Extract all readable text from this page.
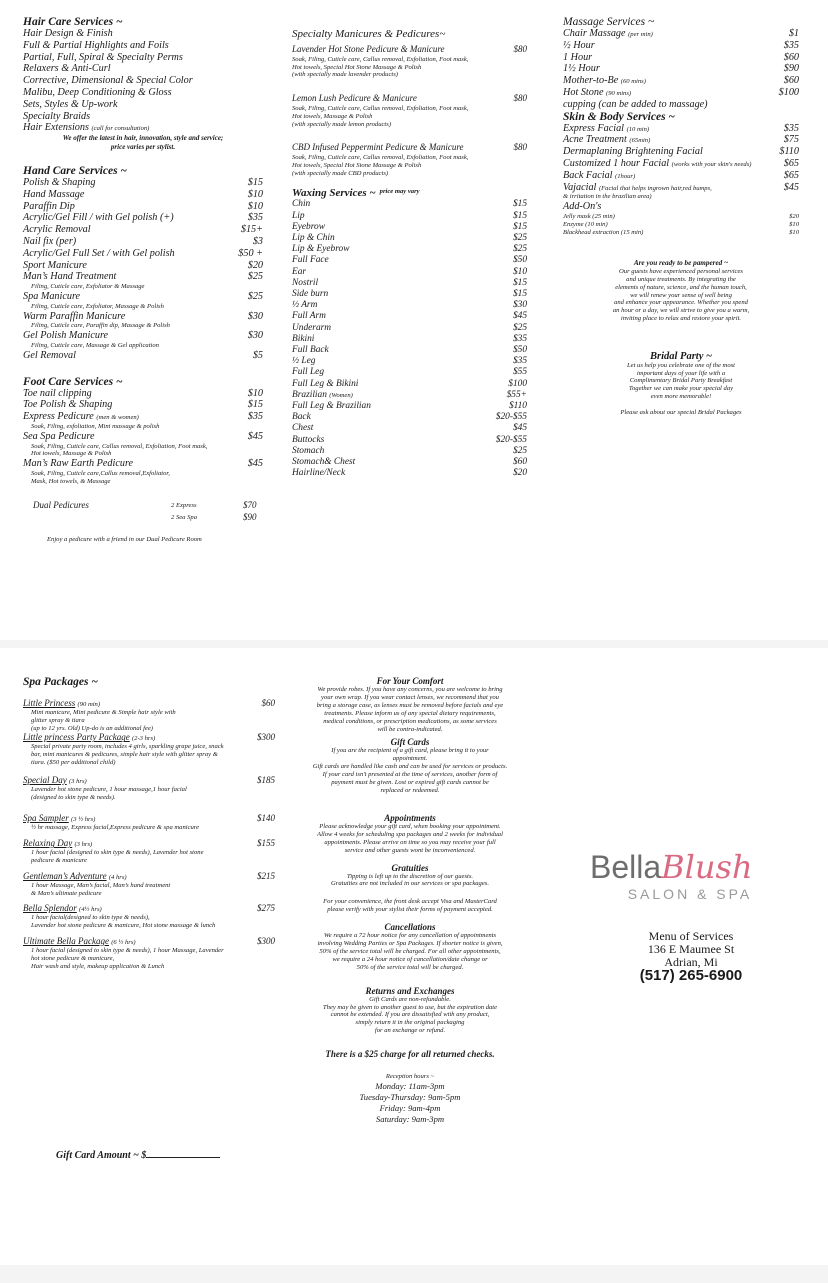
Hair Care Services ~
Hair Design & Finish
Full & Partial Highlights and Foils
Partial, Full, Spiral & Specialty Perms
Relaxers & Anti-Curl
Corrective, Dimensional & Special Color
Malibu, Deep Conditioning & Gloss
Sets, Styles & Up-work
Specialty Braids
Hair Extensions (call for consultation)
We offer the latest in hair, innovation, style and service;
price varies per stylist.
Hand Care Services ~
Polish & Shaping	$15
Hand Massage	$10
Paraffin Dip	$10
Acrylic/Gel Fill / with Gel polish (+)	$35
Acrylic Removal	$15+
Nail fix (per)	$3
Acrylic/Gel Full Set / with Gel polish	$50 +
Sport Manicure	$20
Man’s Hand Treatment	$25
Filing, Cuticle care, Exfoliator & Massage
Spa Manicure	$25
Filing, Cuticle care, Exfoliator, Massage & Polish
Warm Paraffin Manicure	$30
Filing, Cuticle care, Paraffin dip, Massage & Polish
Gel Polish Manicure	$30
Filing, Cuticle care, Massage & Gel application
Gel Removal	$5
Foot Care Services ~
Toe nail clipping	$10
Toe Polish & Shaping	$15
Express Pedicure (men & women)	$35
Soak, Filing, exfoliation, Mini massage & polish
Sea Spa Pedicure	$45
Soak, Filing, Cuticle care, Callus removal, Exfoliation, Foot mask,
Hot towels, Massage & Polish
Man’s Raw Earth Pedicure	$45
Soak, Filing, Cuticle care,Callus removal,Exfoliator,
Mask, Hot towels, & Massage
Dual Pedicures	2 Express	$70
2 Sea Spa	$90
Enjoy a pedicure with a friend in our Dual Pedicure Room
Specialty Manicures & Pedicures~
Lavender Hot Stone Pedicure & Manicure	$80
Soak, Filing, Cuticle care, Callus removal, Exfoliation, Foot mask,
Hot towels, Special Hot Stone Massage & Polish
(with specially made lavender products)
Lemon Lush Pedicure & Manicure	$80
Soak, Filing, Cuticle care, Callus removal, Exfoliation, Foot mask,
Hot towels, Massage & Polish
(with specially made lemon products)
CBD Infused Peppermint Pedicure & Manicure	$80
Soak, Filing, Cuticle care, Callus removal, Exfoliation, Foot mask,
Hot towels, Special Hot Stone Massage & Polish
(with specially made CBD products)
Waxing Services ~ price may vary
Chin	$15
Lip	$15
Eyebrow	$15
Lip & Chin	$25
Lip & Eyebrow	$25
Full Face	$50
Ear	$10
Nostril	$15
Side burn	$15
½ Arm	$30
Full Arm	$45
Underarm	$25
Bikini	$35
Full Back	$50
½ Leg	$35
Full Leg	$55
Full Leg & Bikini	$100
Brazilian (Women)	$55+
Full Leg & Brazilian	$110
Back	$20-$55
Chest	$45
Buttocks	$20-$55
Stomach	$25
Stomach& Chest	$60
Hairline/Neck	$20
Massage Services ~
Chair Massage (per min)	$1
½ Hour	$35
1 Hour	$60
1½ Hour	$90
Mother-to-Be (60 mins)	$60
Hot Stone (90 mins)	$100
cupping (can be added to massage)
Skin & Body Services ~
Express Facial (10 min)	$35
Acne Treatment (65min)	$75
Dermaplaning Brightening Facial	$110
Customized 1 hour Facial (works with your skin's needs)	$65
Back Facial (1hour)	$65
Vajacial (Facial that helps ingrown hair,red bumps,	$45
& irritation in the brazilian area)
Add-On's
Jelly mask (25 min)	$20
Enzyme (10 min)	$10
Blackhead extraction (15 min)	$10
Are you ready to be pampered ~
Our guests have experienced personal services
and unique treatments. By integrating the
elements of nature, science, and the human touch,
we will renew your sense of well being
and enhance your appearance. Whether you spend
an hour or a day, we will strive to give you a warm,
inviting place to relax and restore your spirit.
Bridal Party ~
Let us help you celebrate one of the most
important days of your life with a
Complimentary Bridal Party Breakfast
Together we can make your special day
even more memorable!
Please ask about our special Bridal Packages
Spa Packages ~
Little Princess (90 min)	$60
Mini manicure, Mini pedicure & Simple hair style with
glitter spray & tiara
(up to 12 yrs. Old) Up-do is an additional fee)
Little princess Party Package (2-3 hrs)	$300
Special private party room, includes 4 girls, sparkling grape juice, snack
bar, mini manicures & pedicures, simple hair style with glitter spray &
tiara. ($50 per additional child)
Special Day (3 hrs)	$185
Lavender hot stone pedicure, 1 hour massage,1 hour facial
(designed to skin type & needs).
Spa Sampler (3 ½ hrs)	$140
½ hr massage, Express facial,Express pedicure & spa manicure
Relaxing Day (3 hrs)	$155
1 hour facial (designed to skin type & needs), Lavender hot stone
pedicure & manicure
Gentleman’s Adventure (4 hrs)	$215
1 hour Massage, Man’s facial, Man’s hand treatment
& Man’s ultimate pedicure
Bella Splendor (4½ hrs)	$275
1 hour facial(designed to skin type & needs),
Lavender hot stone pedicure & manicure, Hot stone massage & lunch
Ultimate Bella Package (6 ½ hrs)	$300
1 hour facial (designed to skin type & needs), 1 hour Massage, Lavender
hot stone pedicure & manicure,
Hair wash and style, makeup application & Lunch
Gift Card Amount ~ $
For Your Comfort
We provide robes. If you have any concerns, you are welcome to bring
your own wrap. If you wear contact lenses, we recommend that you
bring a storage case, as lenses must be removed before facials and eye
treatments. Please inform us of any special dietary requirements,
medical conditions, or prescription medications, as some services
will be contra-indicated.
Gift Cards
If you are the recipient of a gift card, please bring it to your
appointment.
Gift cards are handled like cash and can be used for services or products.
If your card isn't presented at the time of services, another form of
payment must be given. Lost or expired gift cards cannot be
replaced or redeemed.
Appointments
Please acknowledge your gift card, when booking your appointment.
Allow 4 weeks for scheduling spa packages and 2 weeks for individual
appointments. Please arrive on time so you may receive your full
service and other guests wont be inconvenienced.
Gratuities
Tipping is left up to the discretion of our guests.
Gratuities are not included in our services or spa packages.
For your convenience, the front desk accept Visa and MasterCard
please verify with your stylist their forms of payment accepted.
Cancellations
We require a 72 hour notice for any cancellation of appointments
involving Wedding Parties or Spa Packages. If shorter notice is given,
50% of the service total will be charged. For all other appointments,
we require a 24 hour notice of cancellation/date change or
50% of the service total will be charged.
Returns and Exchanges
Gift Cards are non-refundable.
They may be given to another guest to use, but the expiration date
cannot be extended. If you are dissatisfied with any product,
simply return it in the original packaging
for an exchange or refund.
There is a $25 charge for all returned checks.
Reception hours ~
Monday: 11am-3pm
Tuesday-Thursday: 9am-5pm
Friday: 9am-4pm
Saturday: 9am-3pm
BellaBlush
SALON & SPA
Menu of Services
136 E Maumee St
Adrian, Mi
(517) 265-6900
